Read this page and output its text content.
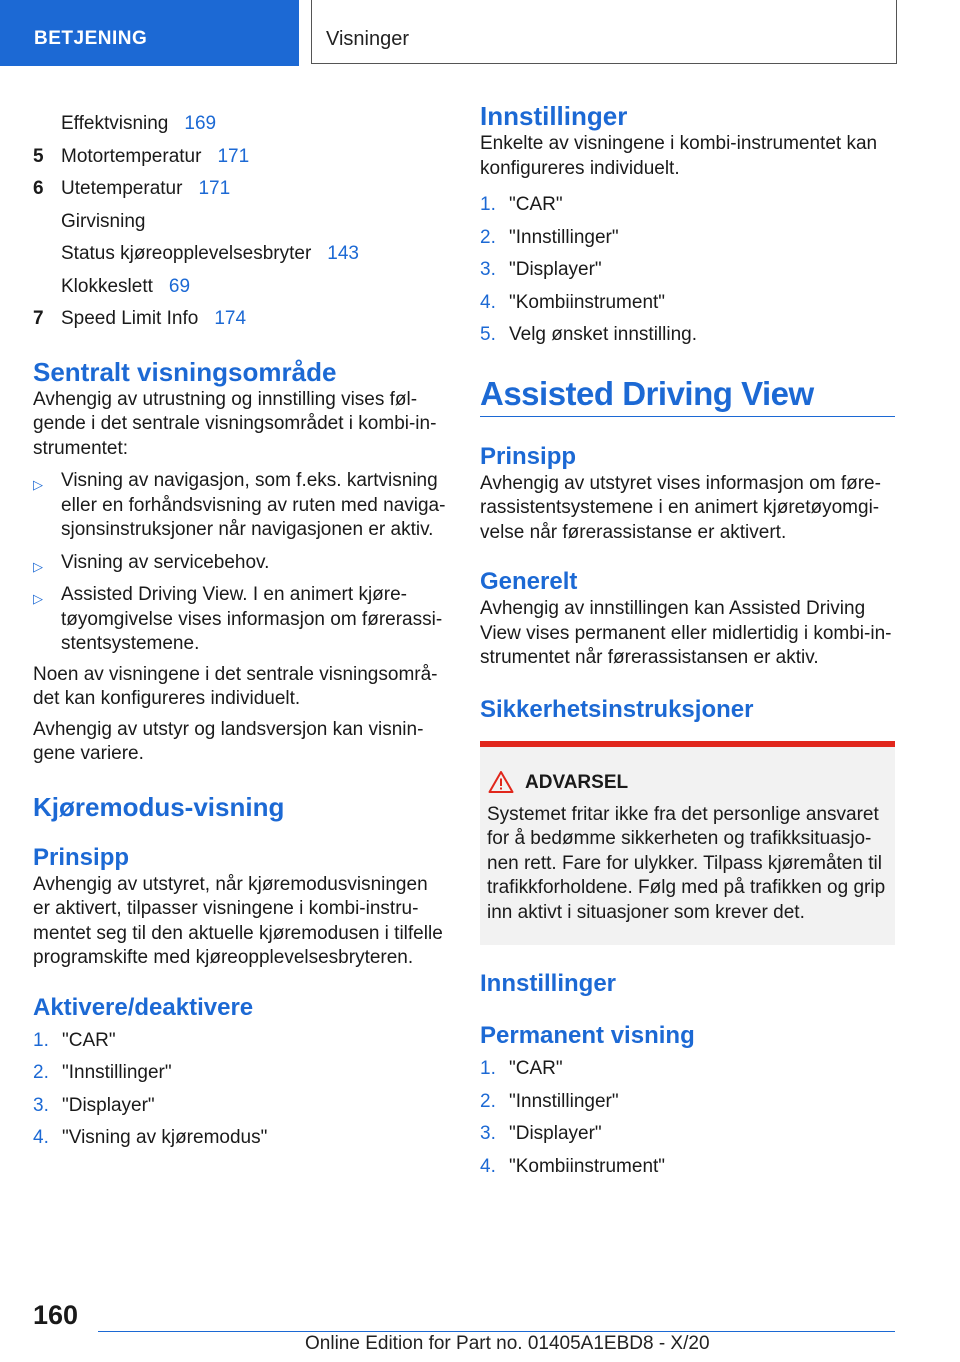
BETJENING	Visninger
Effektvisning 169
5 Motortemperatur 171
6 Utetemperatur 171
Girvisning
Status kjøreopplevelsesbryter 143
Klokkeslett 69
7 Speed Limit Info 174
Sentralt visningsområde

Avhengig av utrustning og innstilling vises føl-gende i det sentrale visningsområdet i kombi-in-strumentet:

▷ Visning av navigasjon, som f.eks. kartvisning eller en forhåndsvisning av ruten med naviga-sjonsinstruksjoner når navigasjonen er aktiv.
▷ Visning av servicebehov.
▷ Assisted Driving View. I en animert kjøre-tøyomgivelse vises informasjon om førerassi-stentsystemene.

Noen av visningene i det sentrale visningsområ-det kan konfigureres individuelt.

Avhengig av utstyr og landsversjon kan visnin-gene variere.

Kjøremodus-visning
Prinsipp

Avhengig av utstyret, når kjøremodusvisningen er aktivert, tilpasser visningene i kombi-instru-mentet seg til den aktuelle kjøremodusen i tilfelle programskifte med kjøreopplevelsesbryteren.

Aktivere/deaktivere
1. "CAR"
2. "Innstillinger"
3. "Displayer"
4. "Visning av kjøremodus"
Innstillinger

Enkelte av visningene i kombi-instrumentet kan konfigureres individuelt.

1. "CAR"
2. "Innstillinger"
3. "Displayer"
4. "Kombiinstrument"
5. Velg ønsket innstilling.
Assisted Driving View
Prinsipp

Avhengig av utstyret vises informasjon om føre-rassistentsystemene i en animert kjøretøyomgi-velse når førerassistanse er aktivert.

Generelt

Avhengig av innstillingen kan Assisted Driving View vises permanent eller midlertidig i kombi-in-strumentet når førerassistansen er aktiv.

Sikkerhetsinstruksjoner
ADVARSEL

Systemet fritar ikke fra det personlige ansvaret for å bedømme sikkerheten og trafikksituasjo-nen rett. Fare for ulykker. Tilpass kjøremåten til trafikkforholdene. Følg med på trafikken og grip inn aktivt i situasjoner som krever det.

Innstillinger
Permanent visning
1. "CAR"
2. "Innstillinger"
3. "Displayer"
4. "Kombiinstrument"
160
Online Edition for Part no. 01405A1EBD8 - X/20
